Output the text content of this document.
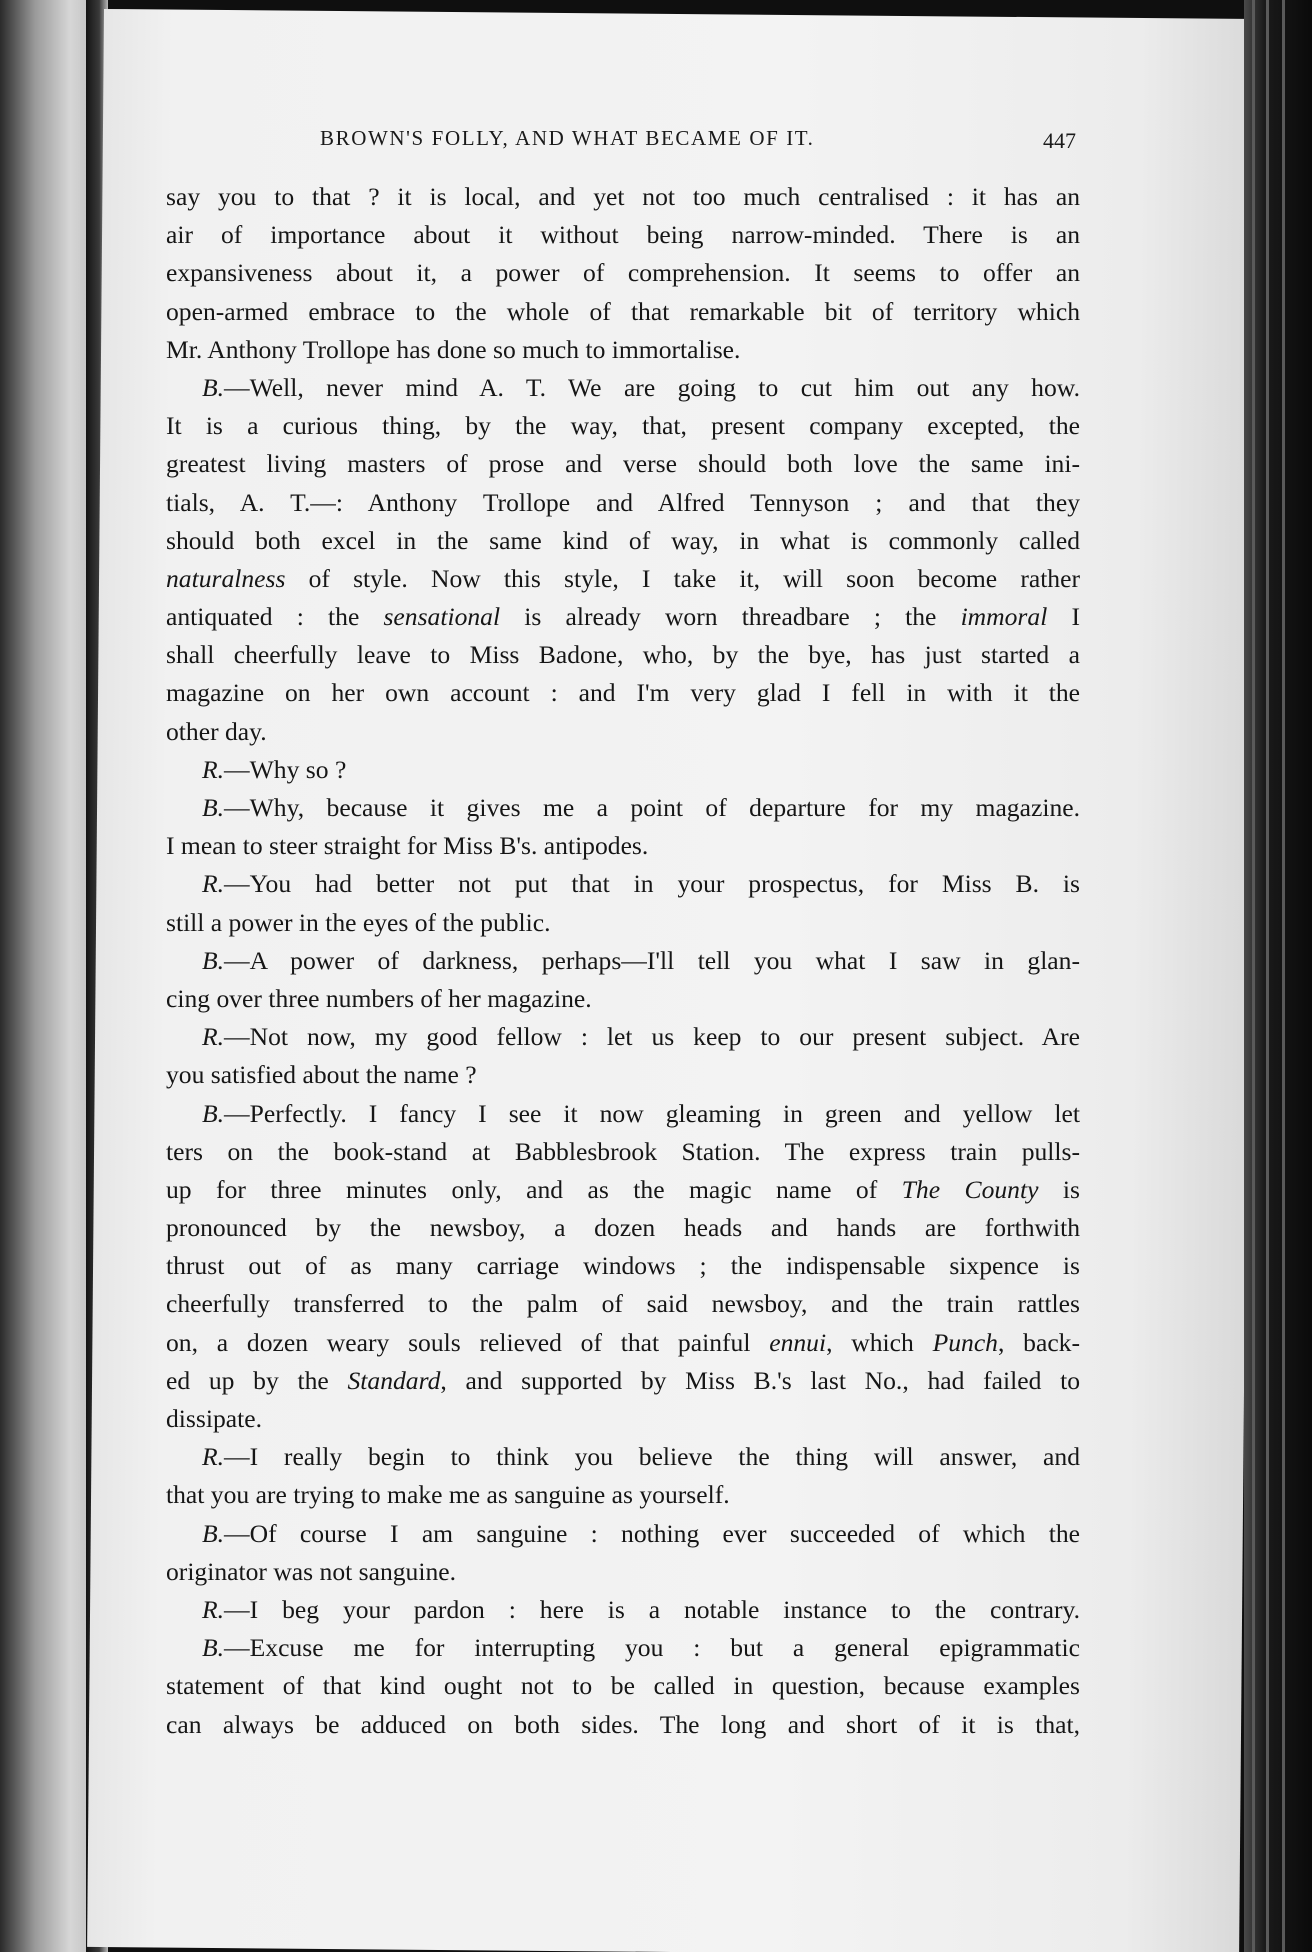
BROWN'S FOLLY, AND WHAT BECAME OF IT.	447
say you to that ? it is local, and yet not too much centralised : it has an
air of importance about it without being narrow-minded. There is an
expansiveness about it, a power of comprehension. It seems to offer an
open-armed embrace to the whole of that remarkable bit of territory which
Mr. Anthony Trollope has done so much to immortalise.
B.—Well, never mind A. T. We are going to cut him out any how.
It is a curious thing, by the way, that, present company excepted, the
greatest living masters of prose and verse should both love the same ini-
tials, A. T.—: Anthony Trollope and Alfred Tennyson ; and that they
should both excel in the same kind of way, in what is commonly called
naturalness of style. Now this style, I take it, will soon become rather
antiquated : the sensational is already worn threadbare ; the immoral I
shall cheerfully leave to Miss Badone, who, by the bye, has just started a
magazine on her own account : and I'm very glad I fell in with it the
other day.
R.—Why so ?
B.—Why, because it gives me a point of departure for my magazine.
I mean to steer straight for Miss B's. antipodes.
R.—You had better not put that in your prospectus, for Miss B. is
still a power in the eyes of the public.
B.—A power of darkness, perhaps—I'll tell you what I saw in glan-
cing over three numbers of her magazine.
R.—Not now, my good fellow : let us keep to our present subject. Are
you satisfied about the name ?
B.—Perfectly. I fancy I see it now gleaming in green and yellow let
ters on the book-stand at Babblesbrook Station. The express train pulls-
up for three minutes only, and as the magic name of The County is
pronounced by the newsboy, a dozen heads and hands are forthwith
thrust out of as many carriage windows ; the indispensable sixpence is
cheerfully transferred to the palm of said newsboy, and the train rattles
on, a dozen weary souls relieved of that painful ennui, which Punch, back-
ed up by the Standard, and supported by Miss B.'s last No., had failed to
dissipate.
R.—I really begin to think you believe the thing will answer, and
that you are trying to make me as sanguine as yourself.
B.—Of course I am sanguine : nothing ever succeeded of which the
originator was not sanguine.
R.—I beg your pardon : here is a notable instance to the contrary.
B.—Excuse me for interrupting you : but a general epigrammatic
statement of that kind ought not to be called in question, because examples
can always be adduced on both sides. The long and short of it is that,
